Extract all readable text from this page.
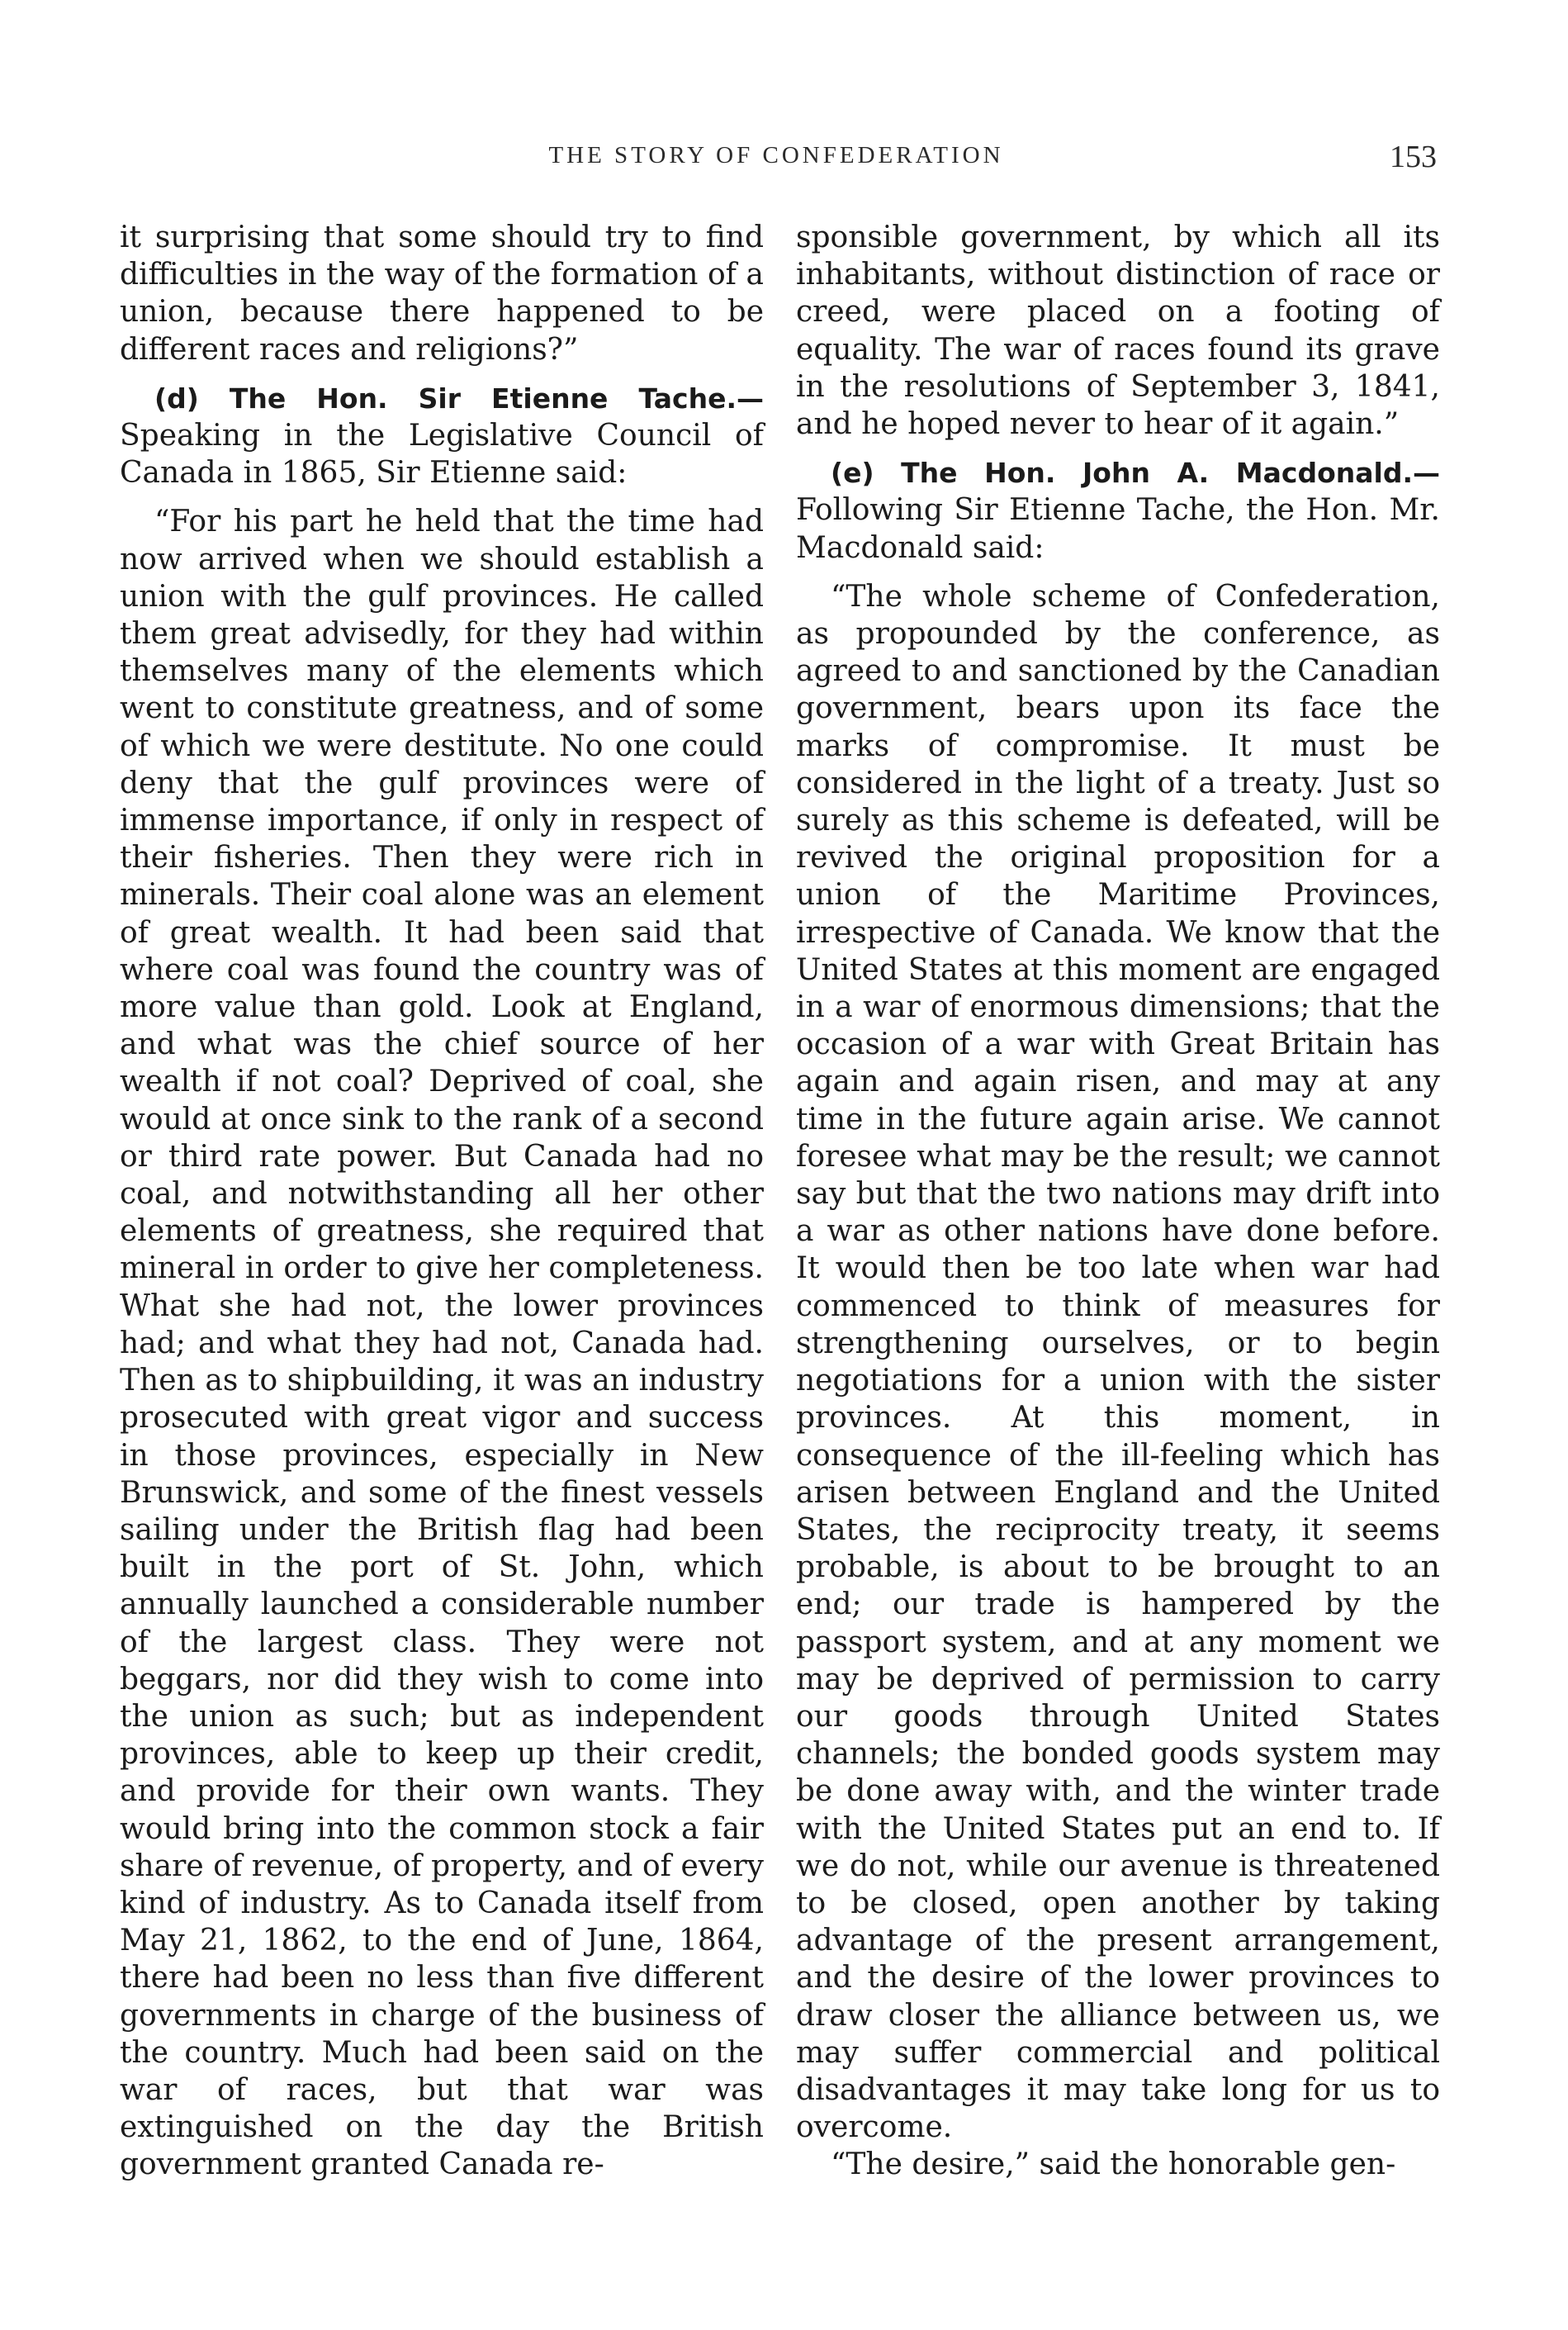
THE STORY OF CONFEDERATION	153

it surprising that some should try to find difficulties in the way of the formation of a union, because there happened to be different races and religions?”

(d) The Hon. Sir Etienne Tache.— Speaking in the Legislative Council of Canada in 1865, Sir Etienne said:

“For his part he held that the time had now arrived when we should establish a union with the gulf provinces. He called them great advisedly, for they had within themselves many of the elements which went to constitute greatness, and of some of which we were destitute. No one could deny that the gulf provinces were of immense importance, if only in respect of their fisheries. Then they were rich in minerals. Their coal alone was an element of great wealth. It had been said that where coal was found the country was of more value than gold. Look at England, and what was the chief source of her wealth if not coal? Deprived of coal, she would at once sink to the rank of a second or third rate power. But Canada had no coal, and notwithstanding all her other elements of greatness, she required that mineral in order to give her completeness. What she had not, the lower provinces had; and what they had not, Canada had. Then as to shipbuilding, it was an industry prosecuted with great vigor and success in those provinces, especially in New Brunswick, and some of the finest vessels sailing under the British flag had been built in the port of St. John, which annually launched a considerable number of the largest class. They were not beggars, nor did they wish to come into the union as such; but as independent provinces, able to keep up their credit, and provide for their own wants. They would bring into the common stock a fair share of revenue, of property, and of every kind of industry. As to Canada itself from May 21, 1862, to the end of June, 1864, there had been no less than five different governments in charge of the business of the country. Much had been said on the war of races, but that war was extinguished on the day the British government granted Canada re-

sponsible government, by which all its inhabitants, without distinction of race or creed, were placed on a footing of equality. The war of races found its grave in the resolutions of September 3, 1841, and he hoped never to hear of it again.”

(e) The Hon. John A. Macdonald.— Following Sir Etienne Tache, the Hon. Mr. Macdonald said:

“The whole scheme of Confederation, as propounded by the conference, as agreed to and sanctioned by the Canadian government, bears upon its face the marks of compromise. It must be considered in the light of a treaty. Just so surely as this scheme is defeated, will be revived the original proposition for a union of the Maritime Provinces, irrespective of Canada. We know that the United States at this moment are engaged in a war of enormous dimensions; that the occasion of a war with Great Britain has again and again risen, and may at any time in the future again arise. We cannot foresee what may be the result; we cannot say but that the two nations may drift into a war as other nations have done before. It would then be too late when war had commenced to think of measures for strengthening ourselves, or to begin negotiations for a union with the sister provinces. At this moment, in consequence of the ill-feeling which has arisen between England and the United States, the reciprocity treaty, it seems probable, is about to be brought to an end; our trade is hampered by the passport system, and at any moment we may be deprived of permission to carry our goods through United States channels; the bonded goods system may be done away with, and the winter trade with the United States put an end to. If we do not, while our avenue is threatened to be closed, open another by taking advantage of the present arrangement, and the desire of the lower provinces to draw closer the alliance between us, we may suffer commercial and political disadvantages it may take long for us to overcome.

“The desire,” said the honorable gen-
